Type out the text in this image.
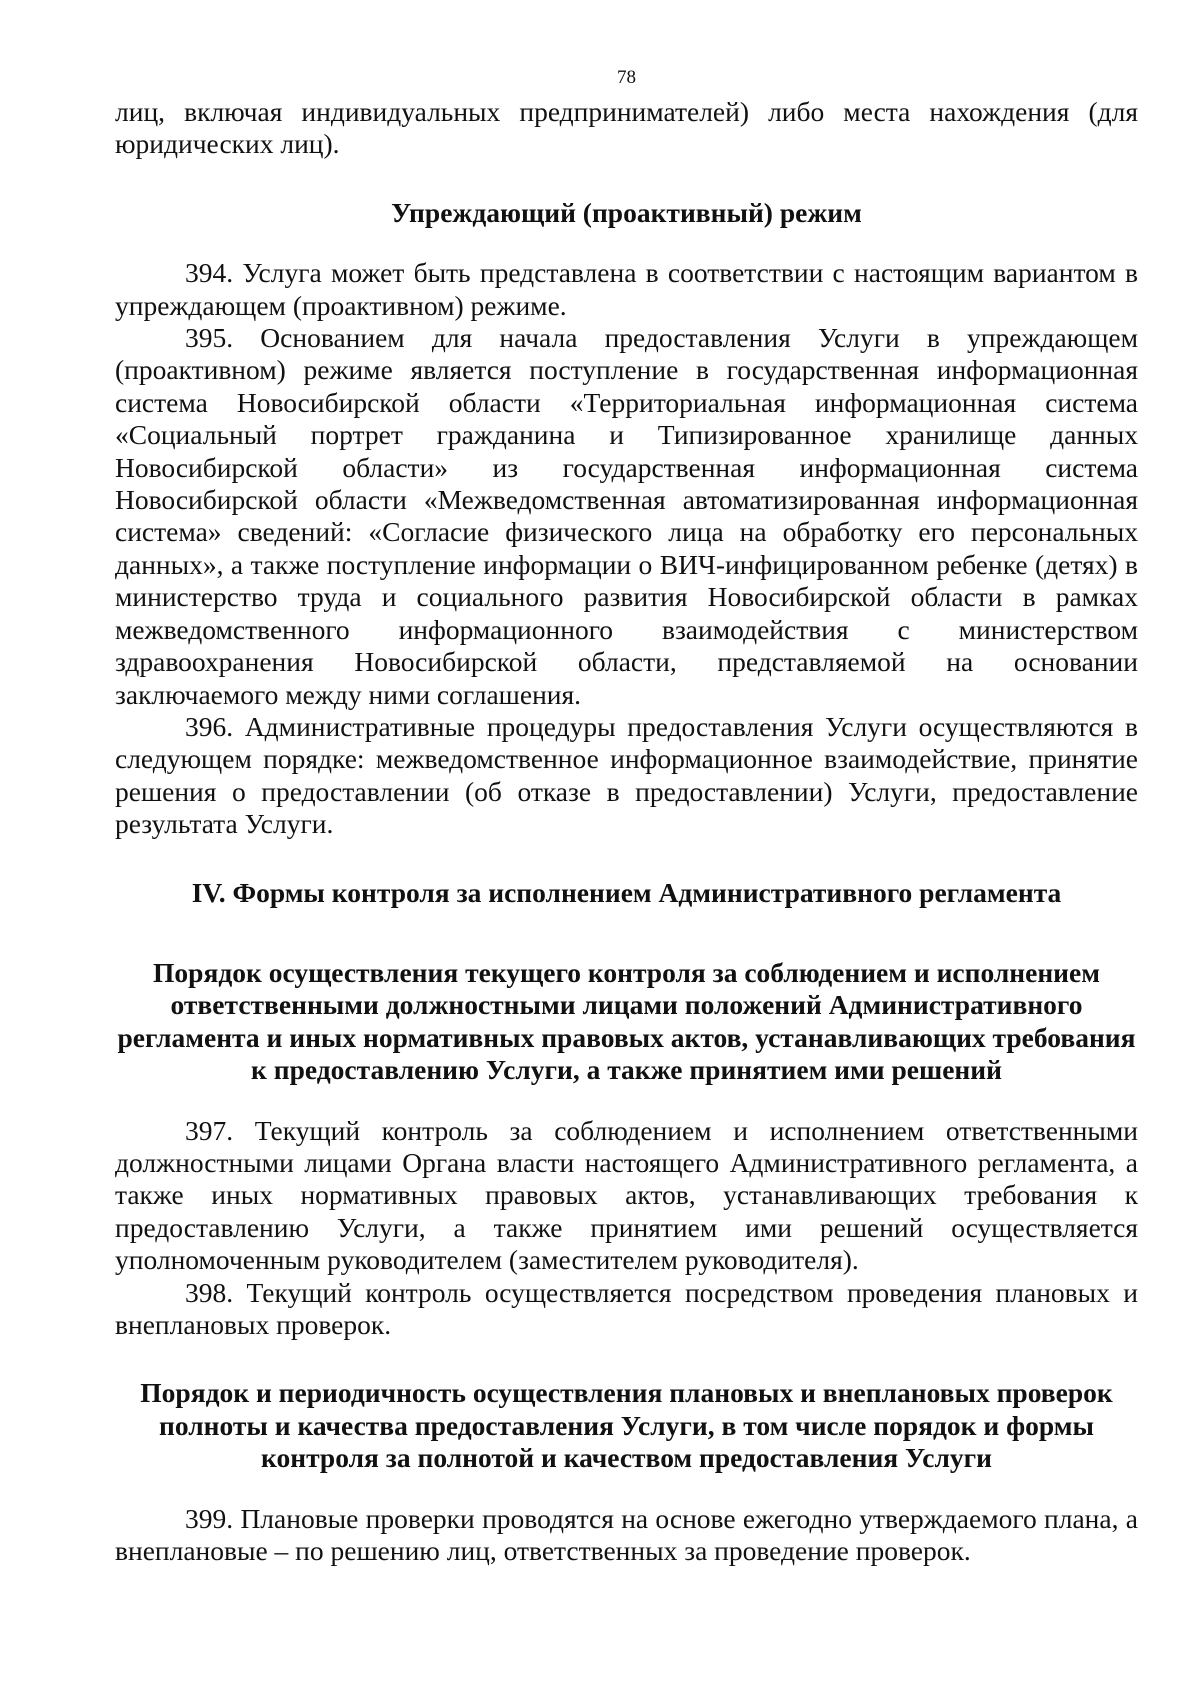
78

лиц, включая индивидуальных предпринимателей) либо места нахождения (для юридических лиц).

Упреждающий (проактивный) режим

394. Услуга может быть представлена в соответствии с настоящим вариантом в упреждающем (проактивном) режиме.

395. Основанием для начала предоставления Услуги в упреждающем (проактивном) режиме является поступление в государственная информационная система Новосибирской области «Территориальная информационная система «Социальный портрет гражданина и Типизированное хранилище данных Новосибирской области» из государственная информационная система Новосибирской области «Межведомственная автоматизированная информационная система» сведений: «Согласие физического лица на обработку его персональных данных», а также поступление информации о ВИЧ-инфицированном ребенке (детях) в министерство труда и социального развития Новосибирской области в рамках межведомственного информационного взаимодействия с министерством здравоохранения Новосибирской области, представляемой на основании заключаемого между ними соглашения.

396. Административные процедуры предоставления Услуги осуществляются в следующем порядке: межведомственное информационное взаимодействие, принятие решения о предоставлении (об отказе в предоставлении) Услуги, предоставление результата Услуги.

IV. Формы контроля за исполнением Административного регламента
Порядок осуществления текущего контроля за соблюдением и исполнением ответственными должностными лицами положений Административного регламента и иных нормативных правовых актов, устанавливающих требования к предоставлению Услуги, а также принятием ими решений

397. Текущий контроль за соблюдением и исполнением ответственными должностными лицами Органа власти настоящего Административного регламента, а также иных нормативных правовых актов, устанавливающих требования к предоставлению Услуги, а также принятием ими решений осуществляется уполномоченным руководителем (заместителем руководителя).

398. Текущий контроль осуществляется посредством проведения плановых и внеплановых проверок.

Порядок и периодичность осуществления плановых и внеплановых проверок полноты и качества предоставления Услуги, в том числе порядок и формы контроля за полнотой и качеством предоставления Услуги

399. Плановые проверки проводятся на основе ежегодно утверждаемого плана, а внеплановые – по решению лиц, ответственных за проведение проверок.
